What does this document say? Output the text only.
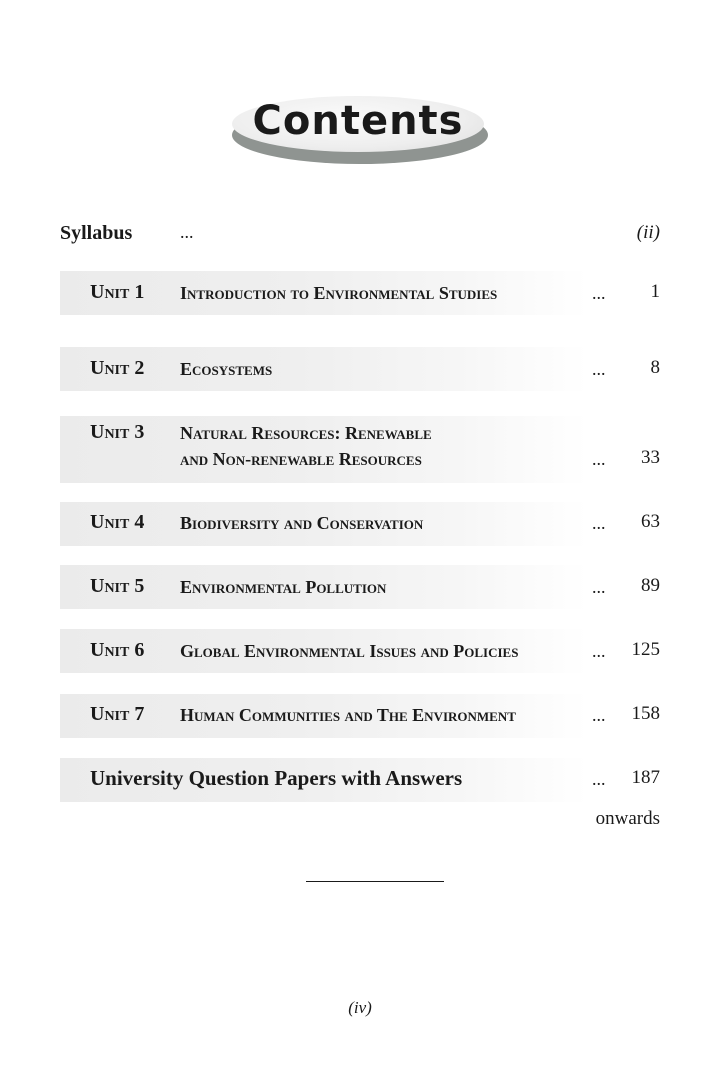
Contents
Syllabus	...	(ii)
Unit 1 Introduction to Environmental Studies	... 1
Unit 2 Ecosystems	... 8
Unit 3 Natural Resources: Renewable
and Non-renewable Resources	... 33
Unit 4 Biodiversity and Conservation	... 63
Unit 5 Environmental Pollution	... 89
Unit 6 Global Environmental Issues and Policies	... 125
Unit 7 Human Communities and The Environment	... 158
University Question Papers with Answers	... 187
onwards
(iv)
